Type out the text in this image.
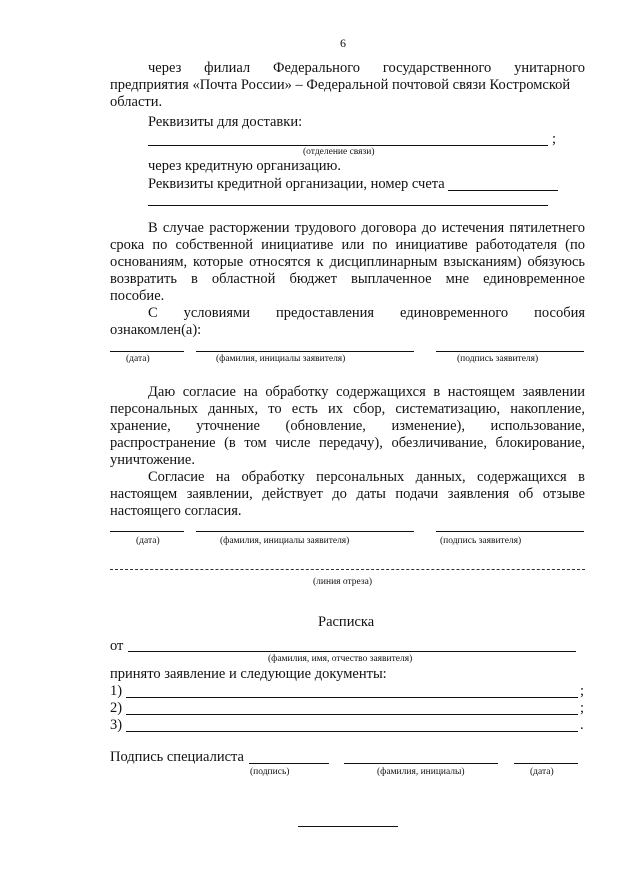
6
через филиал Федерального государственного унитарного
предприятия «Почта России» – Федеральной почтовой связи Костромской
области.
Реквизиты для доставки:
;
(отделение связи)
через кредитную организацию.
Реквизиты кредитной организации, номер счета
В случае расторжении трудового договора до истечения пятилетнего
срока по собственной инициативе или по инициативе работодателя (по
основаниям, которые относятся к дисциплинарным взысканиям) обязуюсь
возвратить в областной бюджет выплаченное мне единовременное
пособие.
С условиями предоставления единовременного пособия
ознакомлен(а):
(дата)	(фамилия, инициалы заявителя)	(подпись заявителя)
Даю согласие на обработку содержащихся в настоящем заявлении
персональных данных, то есть их сбор, систематизацию, накопление,
хранение, уточнение (обновление, изменение), использование,
распространение (в том числе передачу), обезличивание, блокирование,
уничтожение.
Согласие на обработку персональных данных, содержащихся в
настоящем заявлении, действует до даты подачи заявления об отзыве
настоящего согласия.
(дата)	(фамилия, инициалы заявителя)	(подпись заявителя)
(линия отреза)
Расписка
от
(фамилия, имя, отчество заявителя)
принято заявление и следующие документы:
1)	;
2)	;
3)	.
Подпись специалиста
(подпись)	(фамилия, инициалы)	(дата)
